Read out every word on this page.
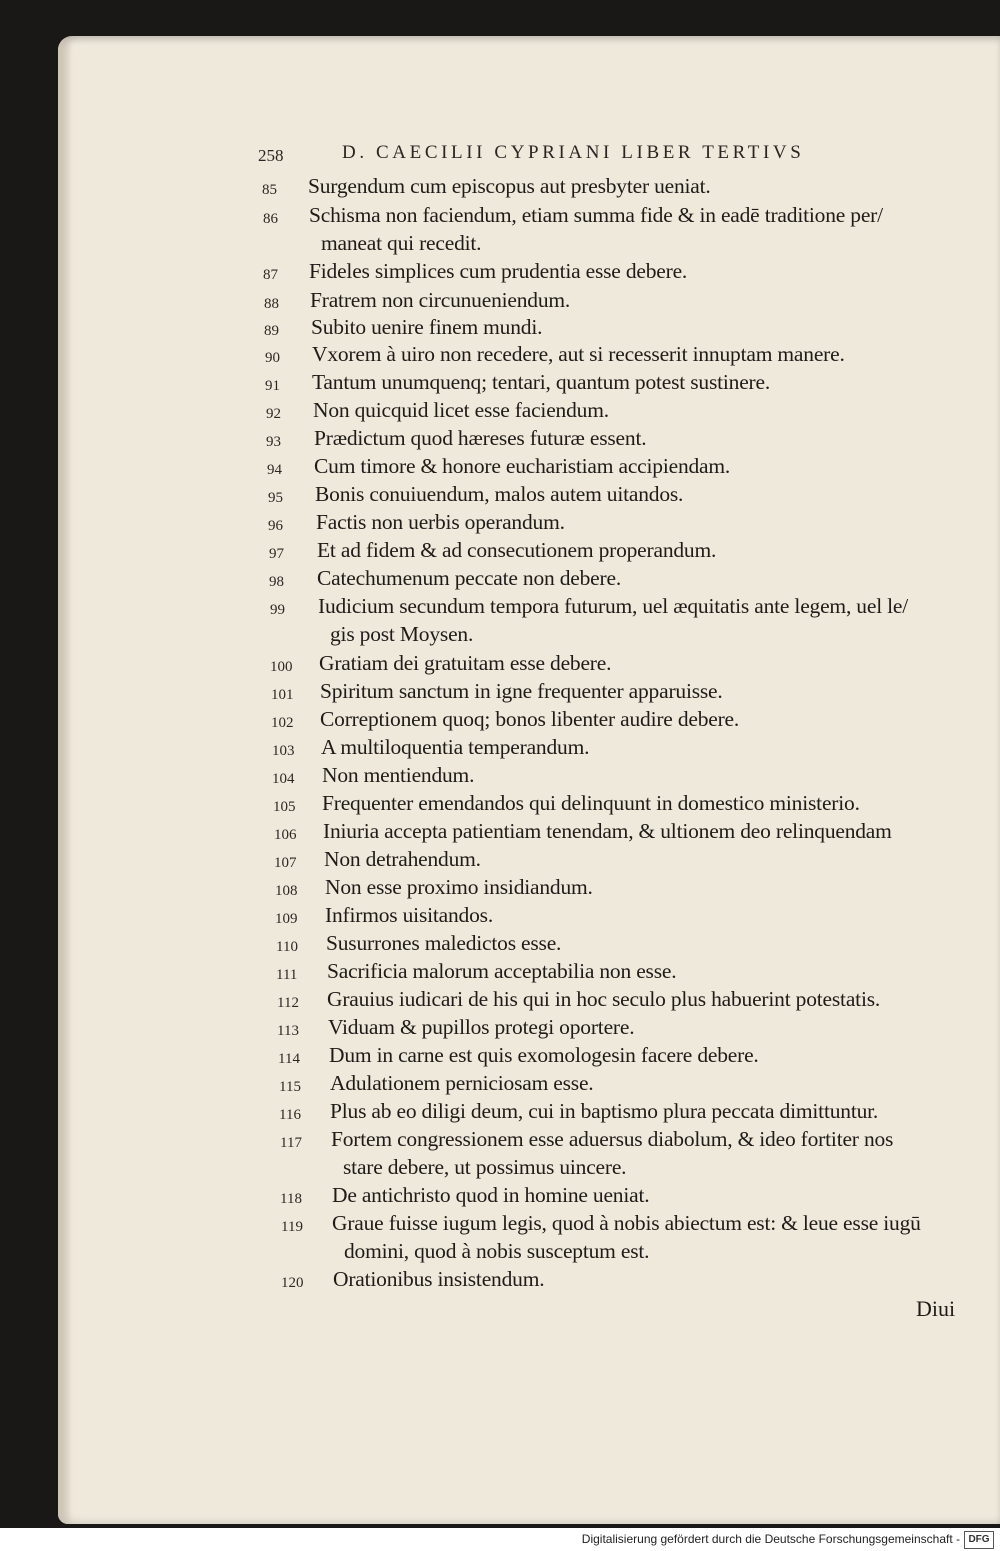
258	D. CAECILII CYPRIANI LIBER TERTIVS
85 Surgendum cum episcopus aut presbyter ueniat.
86 Schisma non faciendum, etiam summa fide & in eadē traditione per/
maneat qui recedit.
87 Fideles simplices cum prudentia esse debere.
88 Fratrem non circunueniendum.
89 Subito uenire finem mundi.
90 Vxorem à uiro non recedere, aut si recesserit innuptam manere.
91 Tantum unumquenq; tentari, quantum potest sustinere.
92 Non quicquid licet esse faciendum.
93 Prædictum quod hæreses futuræ essent.
94 Cum timore & honore eucharistiam accipiendam.
95 Bonis conuiuendum, malos autem uitandos.
96 Factis non uerbis operandum.
97 Et ad fidem & ad consecutionem properandum.
98 Catechumenum peccate non debere.
99 Iudicium secundum tempora futurum, uel æquitatis ante legem, uel le/
gis post Moysen.
100 Gratiam dei gratuitam esse debere.
101 Spiritum sanctum in igne frequenter apparuisse.
102 Correptionem quoq; bonos libenter audire debere.
103 A multiloquentia temperandum.
104 Non mentiendum.
105 Frequenter emendandos qui delinquunt in domestico ministerio.
106 Iniuria accepta patientiam tenendam, & ultionem deo relinquendam
107 Non detrahendum.
108 Non esse proximo insidiandum.
109 Infirmos uisitandos.
110 Susurrones maledictos esse.
111 Sacrificia malorum acceptabilia non esse.
112 Grauius iudicari de his qui in hoc seculo plus habuerint potestatis.
113 Viduam & pupillos protegi oportere.
114 Dum in carne est quis exomologesin facere debere.
115 Adulationem perniciosam esse.
116 Plus ab eo diligi deum, cui in baptismo plura peccata dimittuntur.
117 Fortem congressionem esse aduersus diabolum, & ideo fortiter nos
stare debere, ut possimus uincere.
118 De antichristo quod in homine ueniat.
119 Graue fuisse iugum legis, quod à nobis abiectum est: & leue esse iugū
domini, quod à nobis susceptum est.
120 Orationibus insistendum.
Diui
Digitalisierung gefördert durch die Deutsche Forschungsgemeinschaft - DFG
